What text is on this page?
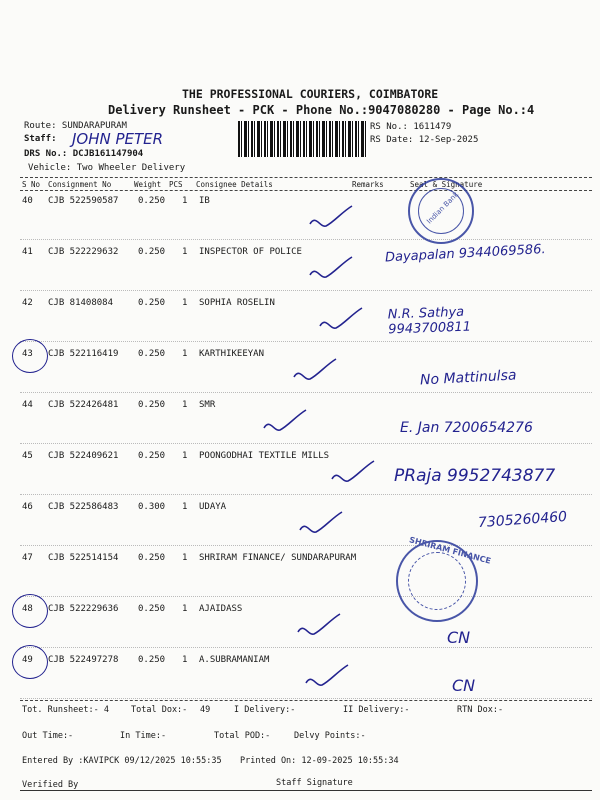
THE PROFESSIONAL COURIERS, COIMBATORE
Delivery Runsheet - PCK - Phone No.:9047080280 - Page No.:4
Route: SUNDARAPURAM
Staff: JOHN PETER
DRS No.: DCJB161147904
Vehicle: Two Wheeler Delivery
RS No.: 1611479
RS Date: 12-Sep-2025
S No Consignment No	Weight PCS Consignee Details	Remarks	Seal & Signature
40 CJB 522590587 0.250 1 IB
41 CJB 522229632 0.250 1 INSPECTOR OF POLICE
42 CJB 81408084	0.250 1 SOPHIA ROSELIN
43 CJB 522116419 0.250 1 KARTHIKEEYAN
44 CJB 522426481 0.250 1 SMR
45 CJB 522409621 0.250 1 POONGODHAI TEXTILE MILLS
46 CJB 522586483 0.300 1 UDAYA
47 CJB 522514154 0.250 1 SHRIRAM FINANCE/ SUNDARAPURAM
48 CJB 522229636 0.250 1 AJAIDASS
49 CJB 522497278 0.250 1 A.SUBRAMANIAM
Dayapalan 9344069586.
N.R. Sathya 9943700811
No Mattinulsa
E. Jan 7200654276
PRaja 9952743877
7305260460
CN
CN
Indian Bank
SHRIRAM FINANCE
Tot. Runsheet:- 4	Total Dox:- 49	I Delivery:-	II Delivery:-	RTN Dox:-
Out Time:-	In Time:-	Total POD:-	Delvy Points:-
Entered By :KAVIPCK 09/12/2025 10:55:35 Printed On: 12-09-2025 10:55:34
Verified By	Staff Signature
